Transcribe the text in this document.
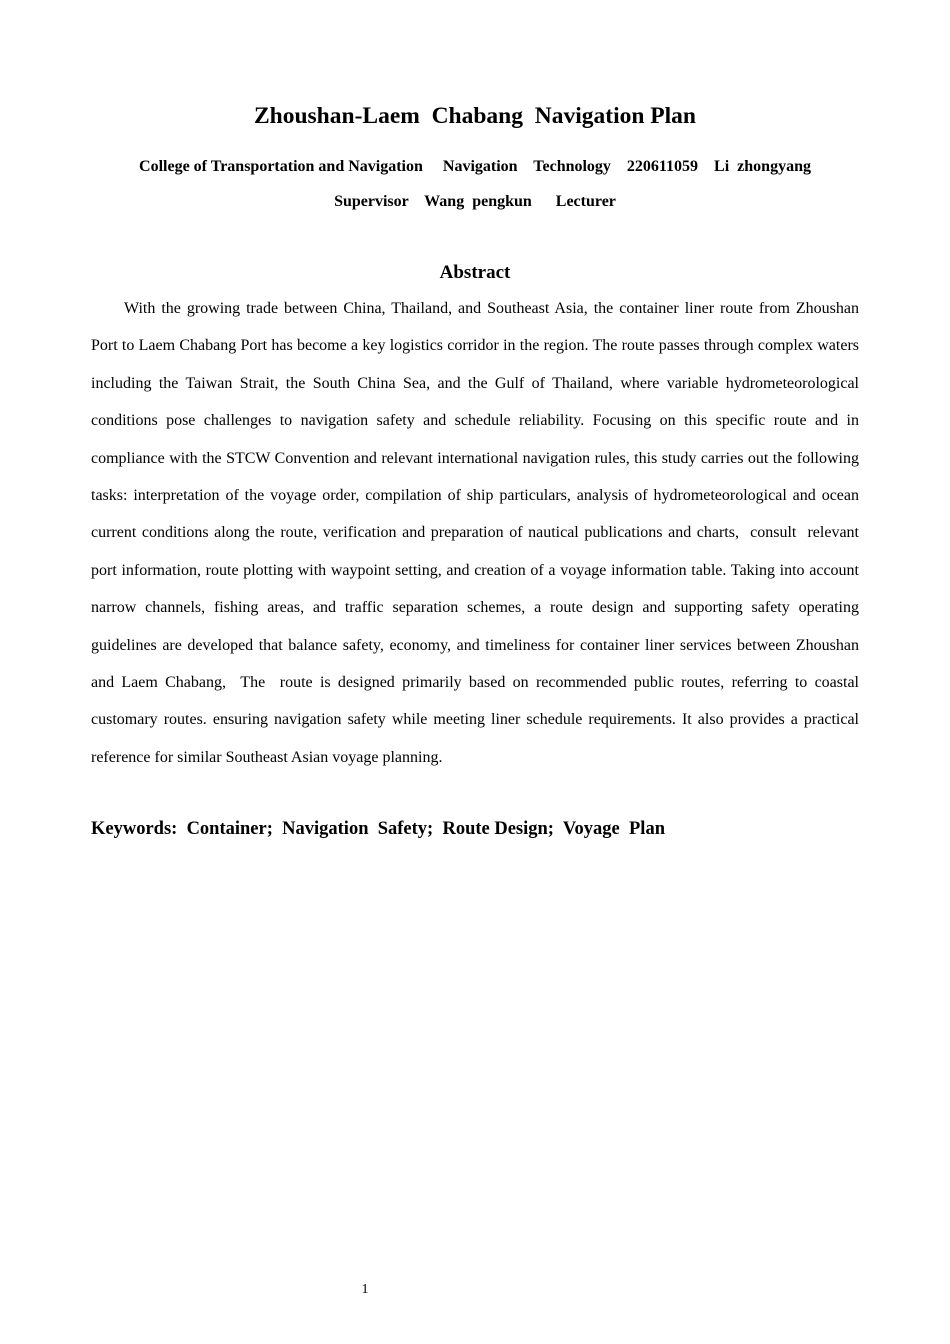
Zhoushan-Laem  Chabang  Navigation Plan
College of Transportation and Navigation     Navigation    Technology    220611059    Li  zhongyang
Supervisor    Wang  pengkun      Lecturer
Abstract

With the growing trade between China, Thailand, and Southeast Asia, the container liner route from Zhoushan Port to Laem Chabang Port has become a key logistics corridor in the region. The route passes through complex waters including the Taiwan Strait, the South China Sea, and the Gulf of Thailand, where variable hydrometeorological conditions pose challenges to navigation safety and schedule reliability. Focusing on this specific route and in compliance with the STCW Convention and relevant international navigation rules, this study carries out the following tasks: interpretation of the voyage order, compilation of ship particulars, analysis of hydrometeorological and ocean current conditions along the route, verification and preparation of nautical publications and charts,  consult  relevant  port information, route plotting with waypoint setting, and creation of a voyage information table. Taking into account narrow channels, fishing areas, and traffic separation schemes, a route design and supporting safety operating guidelines are developed that balance safety, economy, and timeliness for container liner services between Zhoushan and Laem Chabang,  The  route is designed primarily based on recommended public routes, referring to coastal customary routes. ensuring navigation safety while meeting liner schedule requirements. It also provides a practical reference for similar Southeast Asian voyage planning.

Keywords:  Container;  Navigation  Safety;  Route Design;  Voyage  Plan
1
